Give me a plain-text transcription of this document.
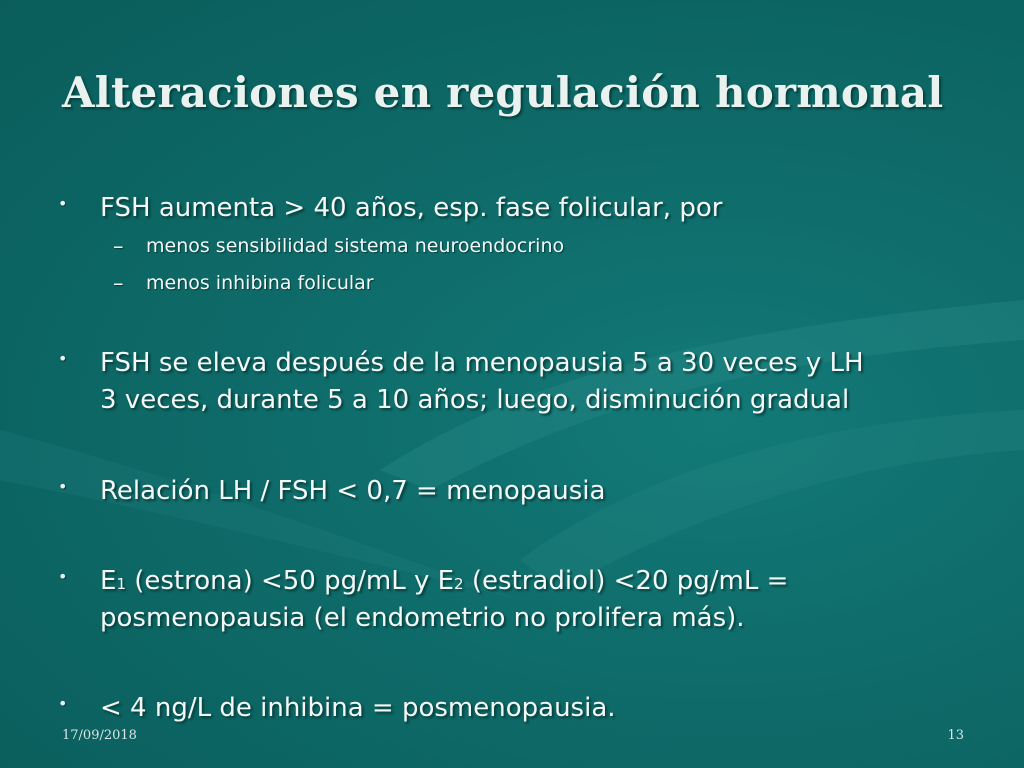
Alteraciones en regulación hormonal
• FSH aumenta > 40 años, esp. fase folicular, por
– menos sensibilidad sistema neuroendocrino
– menos inhibina folicular
• FSH se eleva después de la menopausia 5 a 30 veces y LH
3 veces, durante 5 a 10 años; luego, disminución gradual
• Relación LH / FSH < 0,7 = menopausia
• E1 (estrona) <50 pg/mL y E2 (estradiol) <20 pg/mL =
posmenopausia (el endometrio no prolifera más).
• < 4 ng/L de inhibina = posmenopausia.
17/09/2018	13
